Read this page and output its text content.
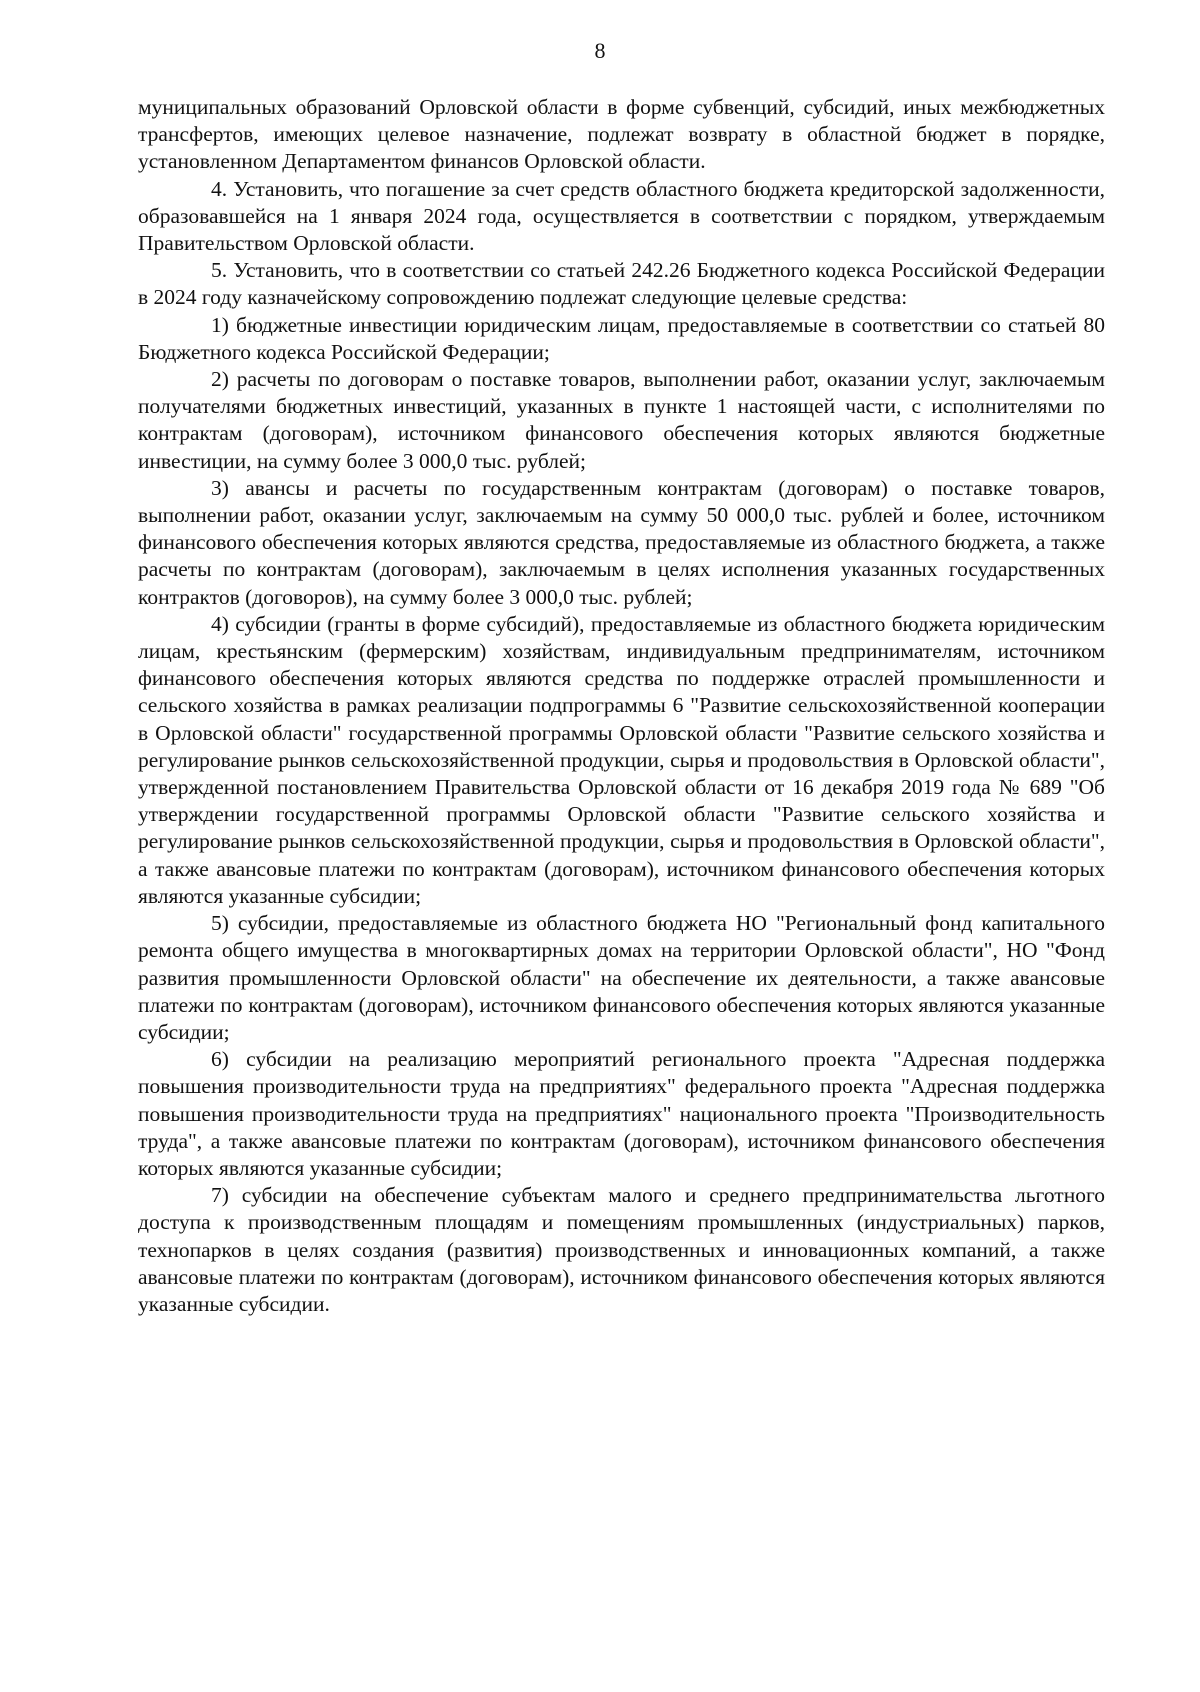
8

муниципальных образований Орловской области в форме субвенций, субсидий, иных межбюджетных трансфертов, имеющих целевое назначение, подлежат возврату в областной бюджет в порядке, установленном Департаментом финансов Орловской области.

4. Установить, что погашение за счет средств областного бюджета кредиторской задолженности, образовавшейся на 1 января 2024 года, осуществляется в соответствии с порядком, утверждаемым Правительством Орловской области.

5. Установить, что в соответствии со статьей 242.26 Бюджетного кодекса Российской Федерации в 2024 году казначейскому сопровождению подлежат следующие целевые средства:

1) бюджетные инвестиции юридическим лицам, предоставляемые в соответствии со статьей 80 Бюджетного кодекса Российской Федерации;

2) расчеты по договорам о поставке товаров, выполнении работ, оказании услуг, заключаемым получателями бюджетных инвестиций, указанных в пункте 1 настоящей части, с исполнителями по контрактам (договорам), источником финансового обеспечения которых являются бюджетные инвестиции, на сумму более 3 000,0 тыс. рублей;

3) авансы и расчеты по государственным контрактам (договорам) о поставке товаров, выполнении работ, оказании услуг, заключаемым на сумму 50 000,0 тыс. рублей и более, источником финансового обеспечения которых являются средства, предоставляемые из областного бюджета, а также расчеты по контрактам (договорам), заключаемым в целях исполнения указанных государственных контрактов (договоров), на сумму более 3 000,0 тыс. рублей;

4) субсидии (гранты в форме субсидий), предоставляемые из областного бюджета юридическим лицам, крестьянским (фермерским) хозяйствам, индивидуальным предпринимателям, источником финансового обеспечения которых являются средства по поддержке отраслей промышленности и сельского хозяйства в рамках реализации подпрограммы 6 "Развитие сельскохозяйственной кооперации в Орловской области" государственной программы Орловской области "Развитие сельского хозяйства и регулирование рынков сельскохозяйственной продукции, сырья и продовольствия в Орловской области", утвержденной постановлением Правительства Орловской области от 16 декабря 2019 года № 689 "Об утверждении государственной программы Орловской области "Развитие сельского хозяйства и регулирование рынков сельскохозяйственной продукции, сырья и продовольствия в Орловской области", а также авансовые платежи по контрактам (договорам), источником финансового обеспечения которых являются указанные субсидии;

5) субсидии, предоставляемые из областного бюджета НО "Региональный фонд капитального ремонта общего имущества в многоквартирных домах на территории Орловской области", НО "Фонд развития промышленности Орловской области" на обеспечение их деятельности, а также авансовые платежи по контрактам (договорам), источником финансового обеспечения которых являются указанные субсидии;

6) субсидии на реализацию мероприятий регионального проекта "Адресная поддержка повышения производительности труда на предприятиях" федерального проекта "Адресная поддержка повышения производительности труда на предприятиях" национального проекта "Производительность труда", а также авансовые платежи по контрактам (договорам), источником финансового обеспечения которых являются указанные субсидии;

7) субсидии на обеспечение субъектам малого и среднего предпринимательства льготного доступа к производственным площадям и помещениям промышленных (индустриальных) парков, технопарков в целях создания (развития) производственных и инновационных компаний, а также авансовые платежи по контрактам (договорам), источником финансового обеспечения которых являются указанные субсидии.
